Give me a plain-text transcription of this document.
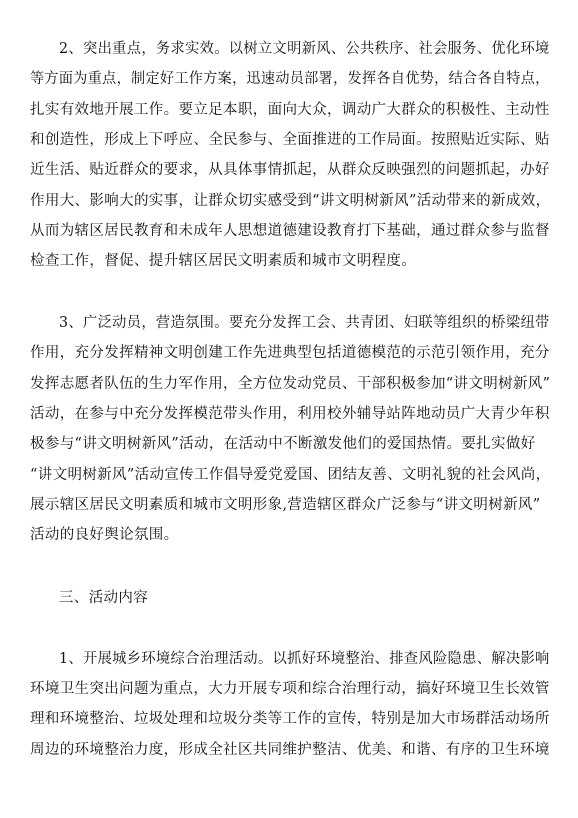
2、突出重点，务求实效。以树立文明新风、公共秩序、社会服务、优化环境
等方面为重点，制定好工作方案，迅速动员部署，发挥各自优势，结合各自特点，
扎实有效地开展工作。要立足本职，面向大众，调动广大群众的积极性、主动性
和创造性，形成上下呼应、全民参与、全面推进的工作局面。按照贴近实际、贴
近生活、贴近群众的要求，从具体事情抓起，从群众反映强烈的问题抓起，办好
作用大、影响大的实事，让群众切实感受到“讲文明树新风”活动带来的新成效，
从而为辖区居民教育和未成年人思想道德建设教育打下基础，通过群众参与监督
检查工作，督促、提升辖区居民文明素质和城市文明程度。
3、广泛动员，营造氛围。要充分发挥工会、共青团、妇联等组织的桥梁纽带
作用，充分发挥精神文明创建工作先进典型包括道德模范的示范引领作用，充分
发挥志愿者队伍的生力军作用，全方位发动党员、干部积极参加“讲文明树新风”
活动，在参与中充分发挥模范带头作用，利用校外辅导站阵地动员广大青少年积
极参与“讲文明树新风”活动，在活动中不断激发他们的爱国热情。要扎实做好
“讲文明树新风”活动宣传工作倡导爱党爱国、团结友善、文明礼貌的社会风尚，
展示辖区居民文明素质和城市文明形象,营造辖区群众广泛参与“讲文明树新风”
活动的良好舆论氛围。
三、活动内容
1、开展城乡环境综合治理活动。以抓好环境整治、排查风险隐患、解决影响
环境卫生突出问题为重点，大力开展专项和综合治理行动，搞好环境卫生长效管
理和环境整治、垃圾处理和垃圾分类等工作的宣传，特别是加大市场群活动场所
周边的环境整治力度，形成全社区共同维护整洁、优美、和谐、有序的卫生环境
